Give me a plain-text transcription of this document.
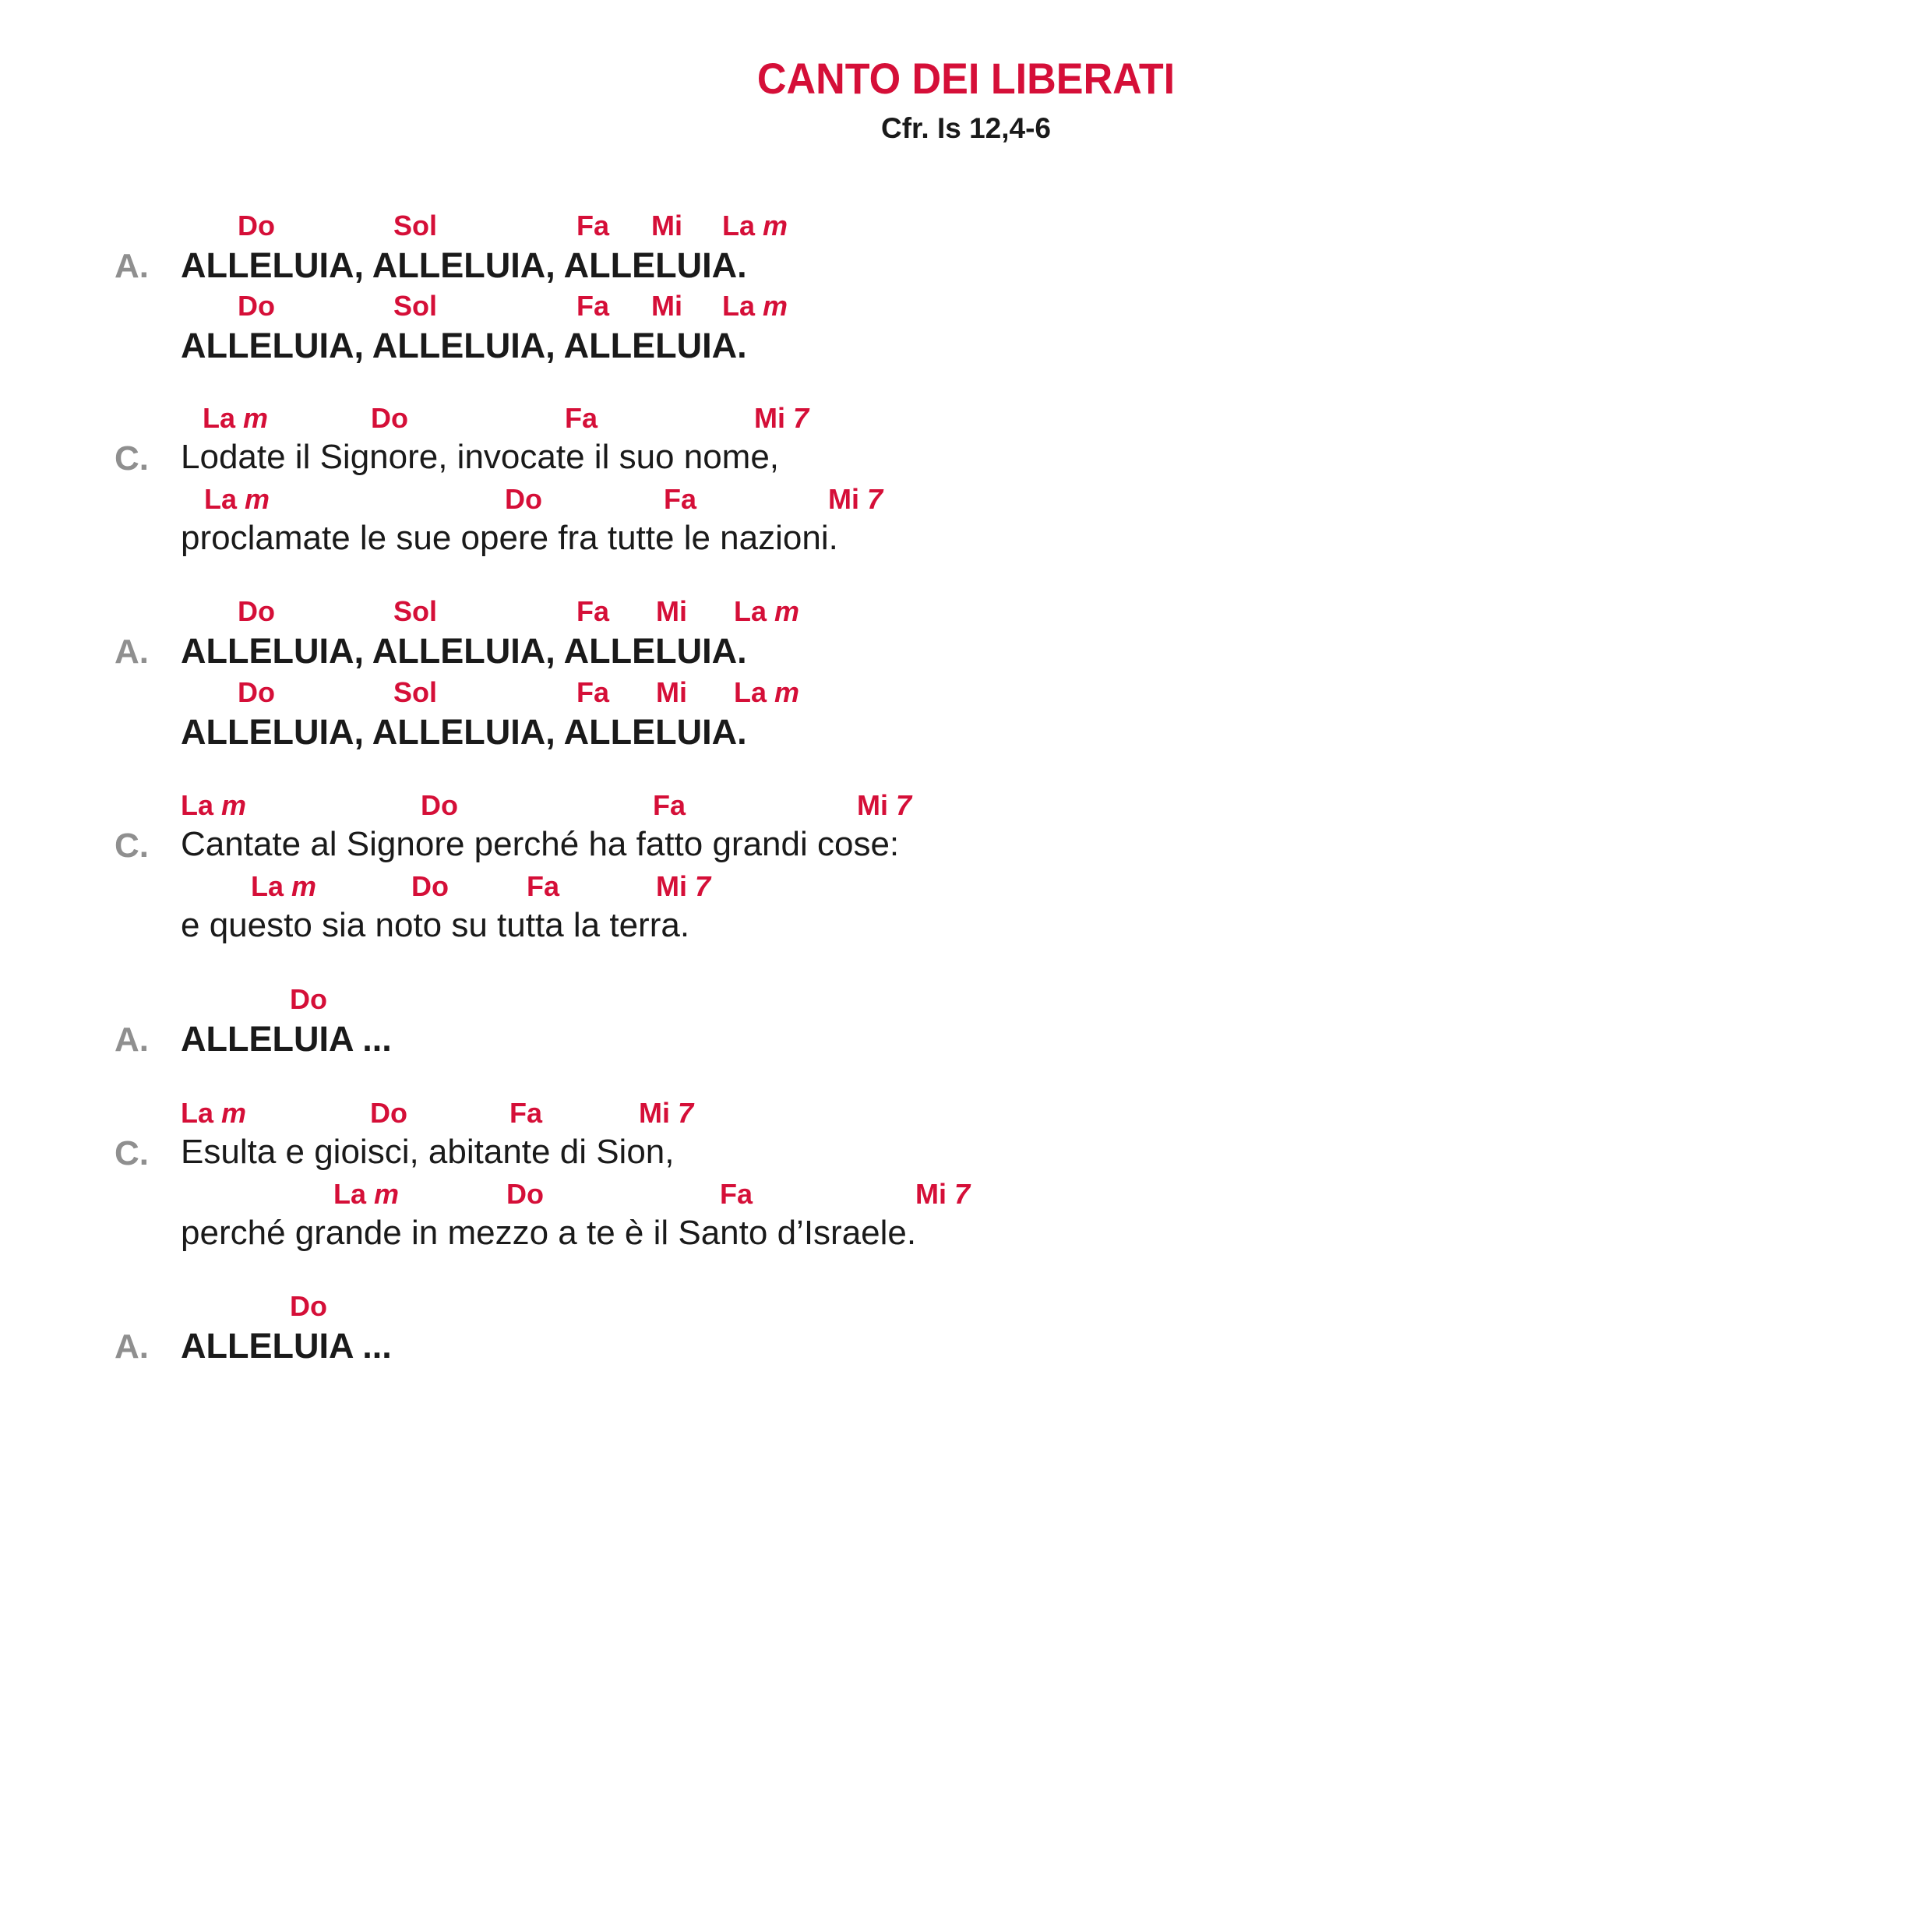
CANTO DEI LIBERATI
Cfr. Is 12,4-6
A. ALLELUIA, ALLELUIA, ALLELUIA.
Do	Sol	Fa Mi La m
ALLELUIA, ALLELUIA, ALLELUIA.
Do	Sol	Fa Mi La m
C. Lodate il Signore, invocate il suo nome,
La m	Do	Fa	Mi 7
proclamate le sue opere fra tutte le nazioni.
La m	Do	Fa	Mi 7
A. ALLELUIA, ALLELUIA, ALLELUIA.
Do	Sol	Fa Mi La m
ALLELUIA, ALLELUIA, ALLELUIA.
Do	Sol	Fa Mi La m
C. Cantate al Signore perché ha fatto grandi cose:
La m	Do	Fa	Mi 7
e questo sia noto su tutta la terra.
La m	Do	Fa	Mi 7
A. ALLELUIA ...
Do
C. Esulta e gioisci, abitante di Sion,
La m	Do	Fa	Mi 7
perché grande in mezzo a te è il Santo d’Israele.
La m	Do	Fa	Mi 7
A. ALLELUIA ...
Do
